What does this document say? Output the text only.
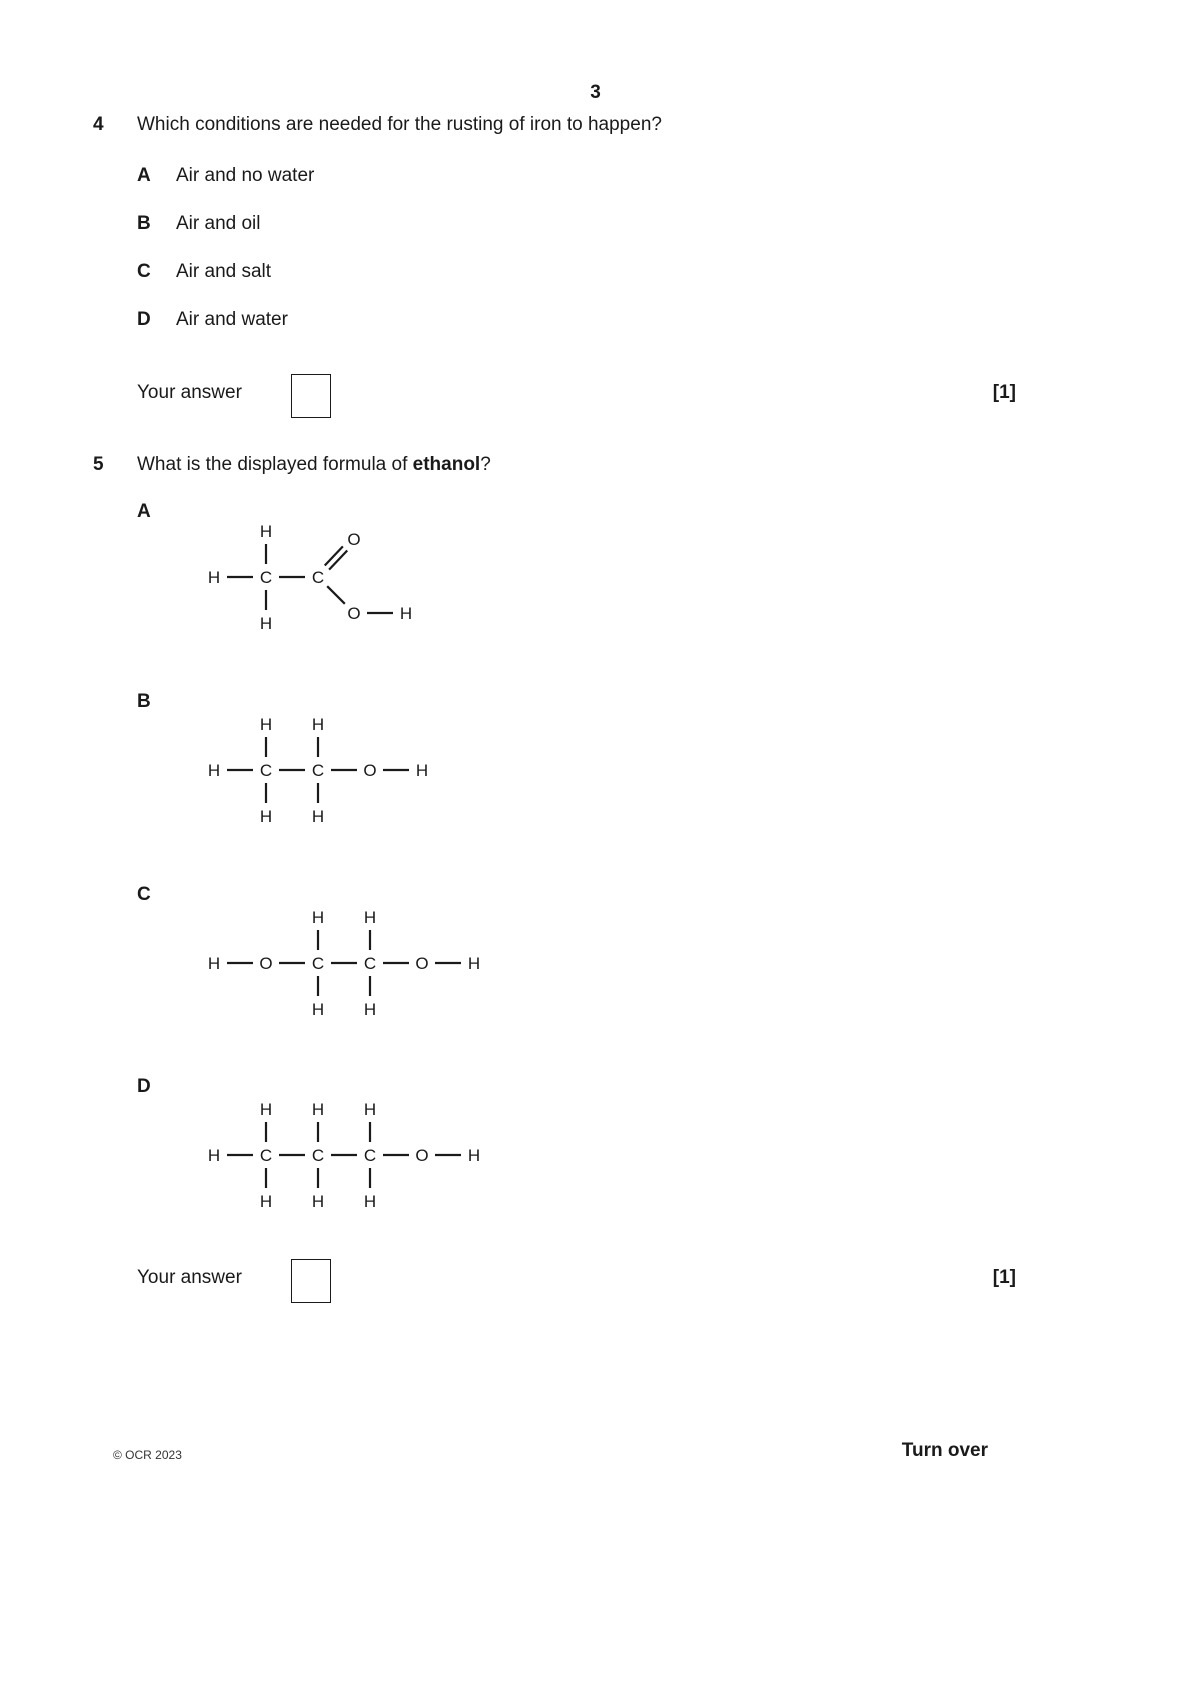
3
4 Which conditions are needed for the rusting of iron to happen?
A Air and no water
B Air and oil
C Air and salt
D Air and water
Your answer	[1]
5 What is the displayed formula of ethanol?
A
H
C
H	C
O
O H
H
B
H C C O H
H
H
H
H
C
H O C C O H
H
H
H
H
D
H C C C O H
H
H
H
H
H
H
Your answer	[1]
© OCR 2023	Turn over
